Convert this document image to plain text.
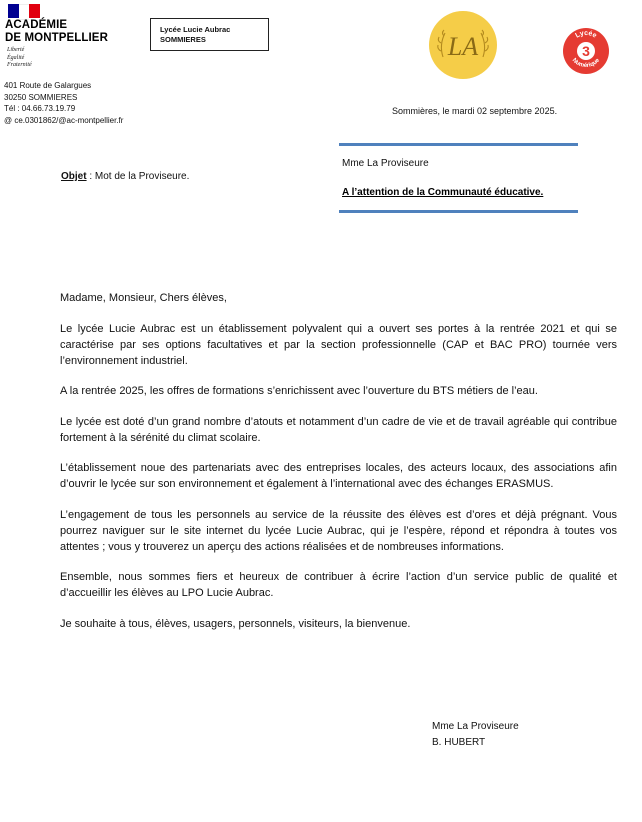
ACADÉMIE
DE MONTPELLIER
Liberté
Égalité
Fraternité
Lycée Lucie Aubrac
SOMMIERES	LA	Lycée
3
Numérique
401 Route de Galargues
30250 SOMMIERES
Tél : 04.66.73.19.79
@ ce.0301862/@ac-montpellier.fr
Sommières, le mardi 02 septembre 2025.
Mme La Proviseure
A l’attention de la Communauté éducative.
Objet : Mot de la Proviseure.

Madame, Monsieur, Chers élèves,

Le lycée Lucie Aubrac est un établissement polyvalent qui a ouvert ses portes à la rentrée 2021 et qui se caractérise par ses options facultatives et par la section professionnelle (CAP et BAC PRO) tournée vers l’environnement industriel.

A la rentrée 2025, les offres de formations s’enrichissent avec l’ouverture du BTS métiers de l’eau.

Le lycée est doté d’un grand nombre d’atouts et notamment d’un cadre de vie et de travail agréable qui contribue fortement à la sérénité du climat scolaire.

L’établissement noue des partenariats avec des entreprises locales, des acteurs locaux, des associations afin d’ouvrir le lycée sur son environnement et également à l’international avec des échanges ERASMUS.

L’engagement de tous les personnels au service de la réussite des élèves est d’ores et déjà prégnant. Vous pourrez naviguer sur le site internet du lycée Lucie Aubrac, qui je l’espère, répond et répondra à toutes vos attentes ; vous y trouverez un aperçu des actions réalisées et de nombreuses informations.

Ensemble, nous sommes fiers et heureux de contribuer à écrire l’action d’un service public de qualité et d’accueillir les élèves au LPO Lucie Aubrac.

Je souhaite à tous, élèves, usagers, personnels, visiteurs, la bienvenue.

Mme La Proviseure
B. HUBERT
